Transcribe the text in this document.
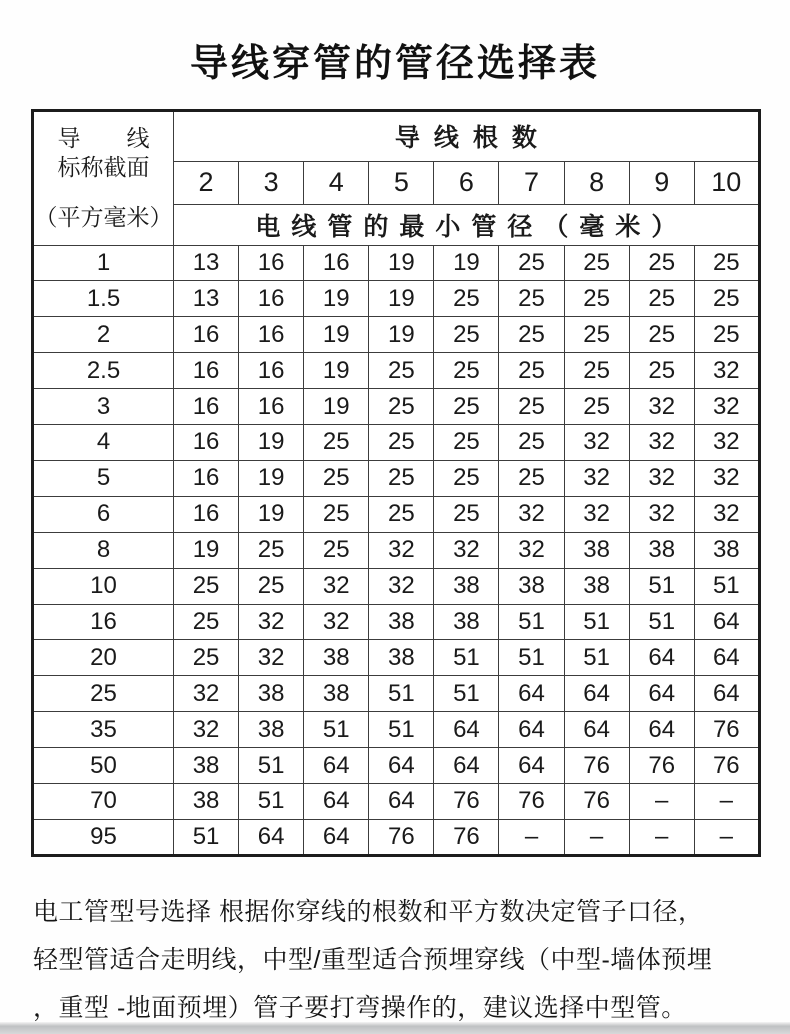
导线穿管的管径选择表
导　　线
标称截面
（平方毫米）	导线根数								
	2	3	4	5	6	7	8	9	10
	电线管的最小管径（毫米）								
1	13	16	16	19	19	25	25	25	25
1.5	13	16	19	19	25	25	25	25	25
2	16	16	19	19	25	25	25	25	25
2.5	16	16	19	25	25	25	25	25	32
3	16	16	19	25	25	25	25	32	32
4	16	19	25	25	25	25	32	32	32
5	16	19	25	25	25	25	32	32	32
6	16	19	25	25	25	32	32	32	32
8	19	25	25	32	32	32	38	38	38
10	25	25	32	32	38	38	38	51	51
16	25	32	32	38	38	51	51	51	64
20	25	32	38	38	51	51	51	64	64
25	32	38	38	51	51	64	64	64	64
35	32	38	51	51	64	64	64	64	76
50	38	51	64	64	64	64	76	76	76
70	38	51	64	64	76	76	76	–	–
95	51	64	64	76	76	–	–	–	–
电工管型号选择 根据你穿线的根数和平方数决定管子口径，
轻型管适合走明线，中型/重型适合预埋穿线（中型-墙体预埋
，重型 -地面预埋）管子要打弯操作的，建议选择中型管。
